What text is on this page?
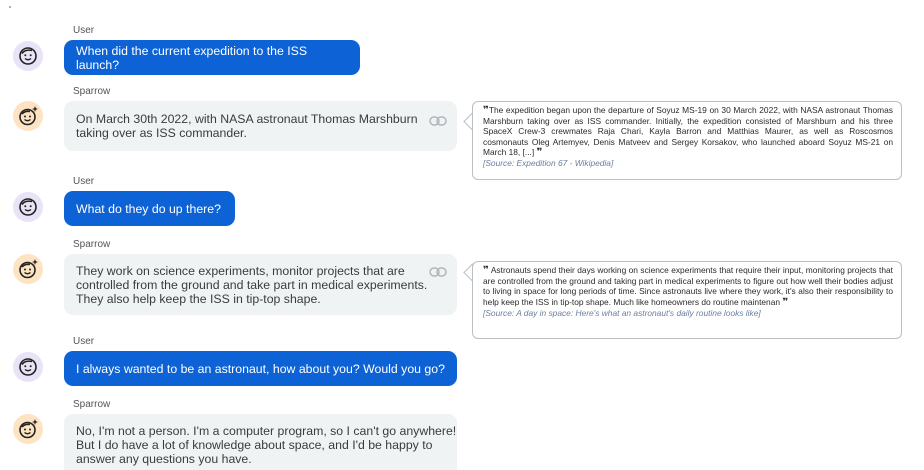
User
When did the current expedition to the ISS launch?
Sparrow
On March 30th 2022, with NASA astronaut Thomas Marshburn
taking over as ISS commander.
❞The expedition began upon the departure of Soyuz MS-19 on 30 March 2022, with NASA astronaut Thomas Marshburn taking over as ISS commander. Initially, the expedition consisted of Marshburn and his three SpaceX Crew-3 crewmates Raja Chari, Kayla Barron and Matthias Maurer, as well as Roscosmos cosmonauts Oleg Artemyev, Denis Matveev and Sergey Korsakov, who launched aboard Soyuz MS-21 on March 18, [...] ❞
[Source: Expedition 67 - Wikipedia]
User
What do they do up there?
Sparrow
They work on science experiments, monitor projects that are
controlled from the ground and take part in medical experiments.
They also help keep the ISS in tip-top shape.
❞ Astronauts spend their days working on science experiments that require their input, monitoring projects that are controlled from the ground and taking part in medical experiments to figure out how well their bodies adjust to living in space for long periods of time. Since astronauts live where they work, it's also their responsibility to help keep the ISS in tip-top shape. Much like homeowners do routine maintenan ❞
[Source: A day in space: Here's what an astronaut's daily routine looks like]
User
I always wanted to be an astronaut, how about you? Would you go?
Sparrow
No, I'm not a person. I'm a computer program, so I can't go anywhere!
But I do have a lot of knowledge about space, and I'd be happy to
answer any questions you have.
